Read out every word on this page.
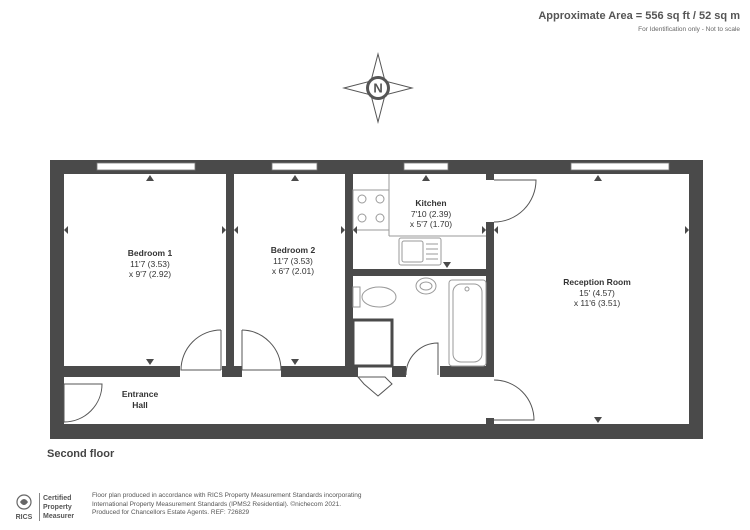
Approximate Area = 556 sq ft / 52 sq m
For Identification only - Not to scale
N
Bedroom 1
11'7 (3.53)
x 9'7 (2.92)
Bedroom 2
11'7 (3.53)
x 6'7 (2.01)
Kitchen
7'10 (2.39)
x 5'7 (1.70)
Reception Room
15' (4.57)
x 11'6 (3.51)
Entrance
Hall
Second floor
RICS
Certified
Property
Measurer
Floor plan produced in accordance with RICS Property Measurement Standards incorporating
International Property Measurement Standards (IPMS2 Residential). ©nichecom 2021.
Produced for Chancellors Estate Agents. REF: 726829
